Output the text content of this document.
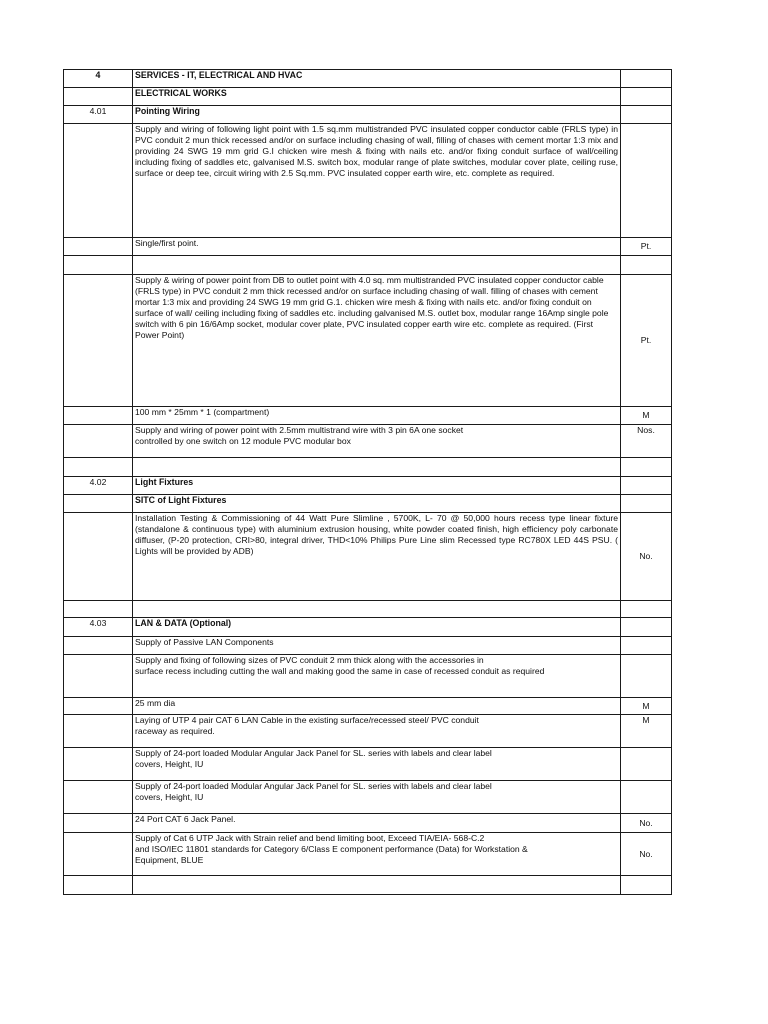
4	SERVICES - IT, ELECTRICAL AND HVAC	
	ELECTRICAL WORKS	
4.01	Pointing Wiring	
	Supply and wiring of following light point with 1.5 sq.mm multistranded PVC insulated copper conductor cable (FRLS type) in PVC conduit 2 mun thick recessed and/or on surface including chasing of wall, filling of chases with cement mortar 1:3 mix and providing 24 SWG 19 mm grid G.I chicken wire mesh & fixing with nails etc. and/or fixing conduit surface of wall/ceiling including fixing of saddles etc, galvanised M.S. switch box, modular range of plate switches, modular cover plate, ceiling ruse, surface or deep tee, circuit wiring with 2.5 Sq.mm. PVC insulated copper earth wire, etc. complete as required.	
	Single/first point.	Pt.

	Supply & wiring of power point from DB to outlet point with 4.0 sq. mm multistranded PVC insulated copper conductor cable (FRLS type) in PVC conduit 2 mm thick recessed and/or on surface including chasing of wall. filling of chases with cement mortar 1:3 mix and providing 24 SWG 19 mm grid G.1. chicken wire mesh & fixing with nails etc. and/or fixing conduit on surface of wall/ ceiling including fixing of saddles etc. including galvanised M.S. outlet box, modular range 16Amp single pole switch with 6 pin 16/6Amp socket, modular cover plate, PVC insulated copper earth wire etc. complete as required. (First Power Point)	Pt.
	100 mm * 25mm * 1 (compartment)	M
	Supply and wiring of power point with 2.5mm multistrand wire with 3 pin 6A one socket
controlled by one switch on 12 module PVC modular box	Nos.

4.02	Light Fixtures	
	SITC of Light Fixtures	
	Installation Testing & Commissioning of 44 Watt Pure Slimline , 5700K, L- 70 @ 50,000 hours recess type linear fixture (standalone & continuous type) with aluminium extrusion housing, white powder coated finish, high efficiency poly carbonate diffuser, (P-20 protection, CRI>80, integral driver, THD<10% Philips Pure Line slim Recessed type RC780X LED 44S PSU. ( Lights will be provided by ADB)	No.

4.03	LAN & DATA (Optional)	
	Supply of Passive LAN Components	
	Supply and fixing of following sizes of PVC conduit 2 mm thick along with the accessories in
surface recess including cutting the wall and making good the same in case of recessed conduit as required	
	25 mm dia	M
	Laying of UTP 4 pair CAT 6 LAN Cable in the existing surface/recessed steel/ PVC conduit
raceway as required.	M
	Supply of 24-port loaded Modular Angular Jack Panel for SL. series with labels and clear label
covers, Height, IU	
	Supply of 24-port loaded Modular Angular Jack Panel for SL. series with labels and clear label
covers, Height, IU	
	24 Port CAT 6 Jack Panel.	No.
	Supply of Cat 6 UTP Jack with Strain relief and bend limiting boot, Exceed TIA/EIA- 568-C.2
and ISO/IEC 11801 standards for Category 6/Class E component performance (Data) for Workstation &
Equipment, BLUE	No.
